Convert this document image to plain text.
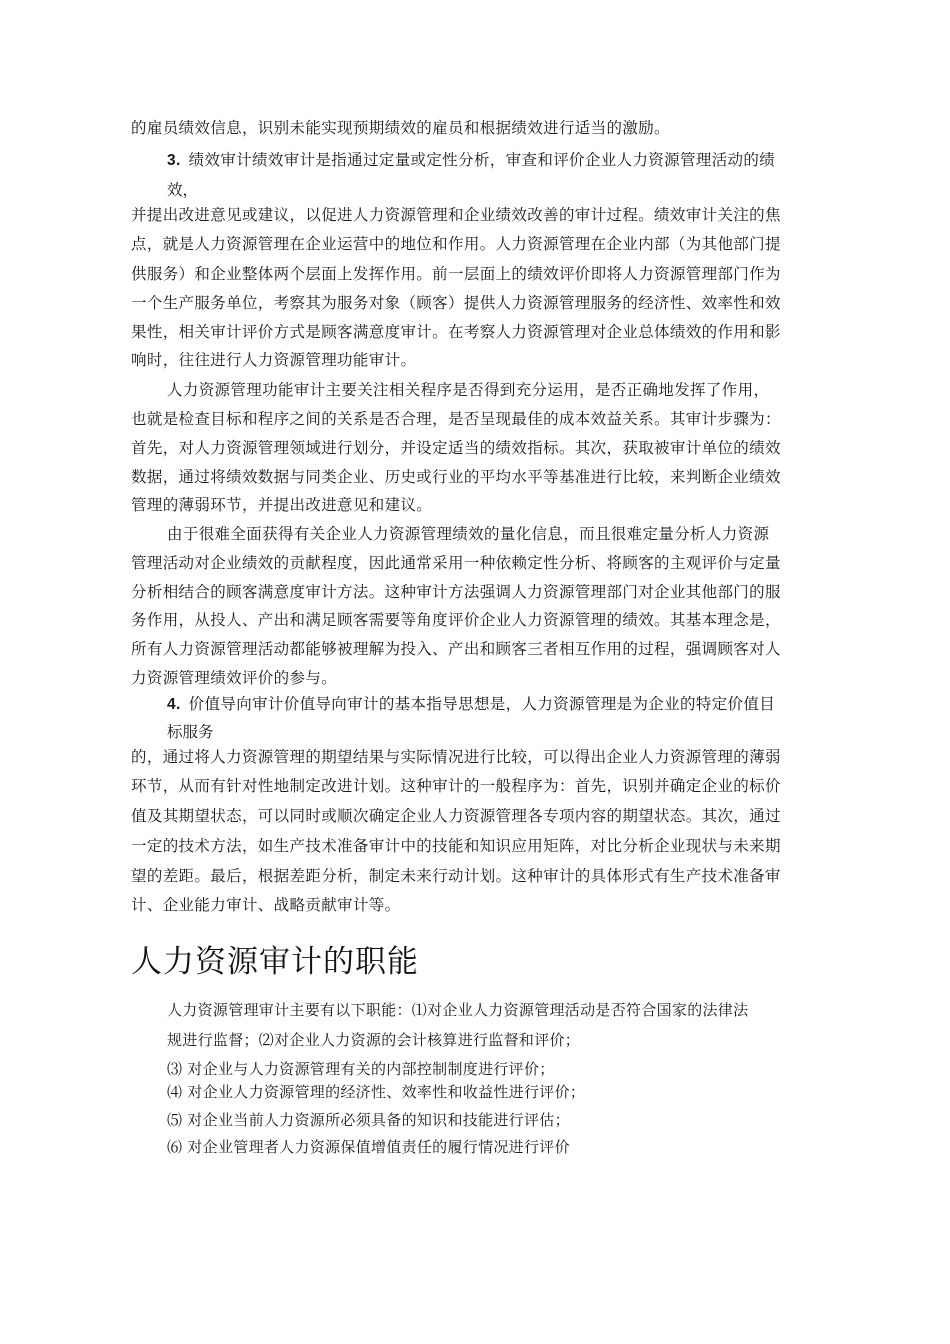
的雇员绩效信息，识别未能实现预期绩效的雇员和根据绩效进行适当的激励。
3. 绩效审计绩效审计是指通过定量或定性分析，审查和评价企业人力资源管理活动的绩
效，
并提出改进意见或建议，以促进人力资源管理和企业绩效改善的审计过程。绩效审计关注的焦
点，就是人力资源管理在企业运营中的地位和作用。人力资源管理在企业内部（为其他部门提
供服务）和企业整体两个层面上发挥作用。前一层面上的绩效评价即将人力资源管理部门作为
一个生产服务单位，考察其为服务对象（顾客）提供人力资源管理服务的经济性、效率性和效
果性，相关审计评价方式是顾客满意度审计。在考察人力资源管理对企业总体绩效的作用和影
响时，往往进行人力资源管理功能审计。
人力资源管理功能审计主要关注相关程序是否得到充分运用，是否正确地发挥了作用，
也就是检查目标和程序之间的关系是否合理，是否呈现最佳的成本效益关系。其审计步骤为：
首先，对人力资源管理领域进行划分，并设定适当的绩效指标。其次，获取被审计单位的绩效
数据，通过将绩效数据与同类企业、历史或行业的平均水平等基准进行比较，来判断企业绩效
管理的薄弱环节，并提出改进意见和建议。
由于很难全面获得有关企业人力资源管理绩效的量化信息，而且很难定量分析人力资源
管理活动对企业绩效的贡献程度，因此通常采用一种依赖定性分析、将顾客的主观评价与定量
分析相结合的顾客满意度审计方法。这种审计方法强调人力资源管理部门对企业其他部门的服
务作用，从投人、产出和满足顾客需要等角度评价企业人力资源管理的绩效。其基本理念是，
所有人力资源管理活动都能够被理解为投入、产出和顾客三者相互作用的过程，强调顾客对人
力资源管理绩效评价的参与。
4. 价值导向审计价值导向审计的基本指导思想是，人力资源管理是为企业的特定价值目
标服务
的，通过将人力资源管理的期望结果与实际情况进行比较，可以得出企业人力资源管理的薄弱
环节，从而有针对性地制定改进计划。这种审计的一般程序为：首先，识别并确定企业的标价
值及其期望状态，可以同时或顺次确定企业人力资源管理各专项内容的期望状态。其次，通过
一定的技术方法，如生产技术准备审计中的技能和知识应用矩阵，对比分析企业现状与未来期
望的差距。最后，根据差距分析，制定未来行动计划。这种审计的具体形式有生产技术准备审
计、企业能力审计、战略贡献审计等。
人力资源审计的职能
人力资源管理审计主要有以下职能：⑴对企业人力资源管理活动是否符合国家的法律法
规进行监督；⑵对企业人力资源的会计核算进行监督和评价；
⑶ 对企业与人力资源管理有关的内部控制制度进行评价；
⑷ 对企业人力资源管理的经济性、效率性和收益性进行评价；
⑸ 对企业当前人力资源所必须具备的知识和技能进行评估；
⑹ 对企业管理者人力资源保值增值责任的履行情况进行评价
